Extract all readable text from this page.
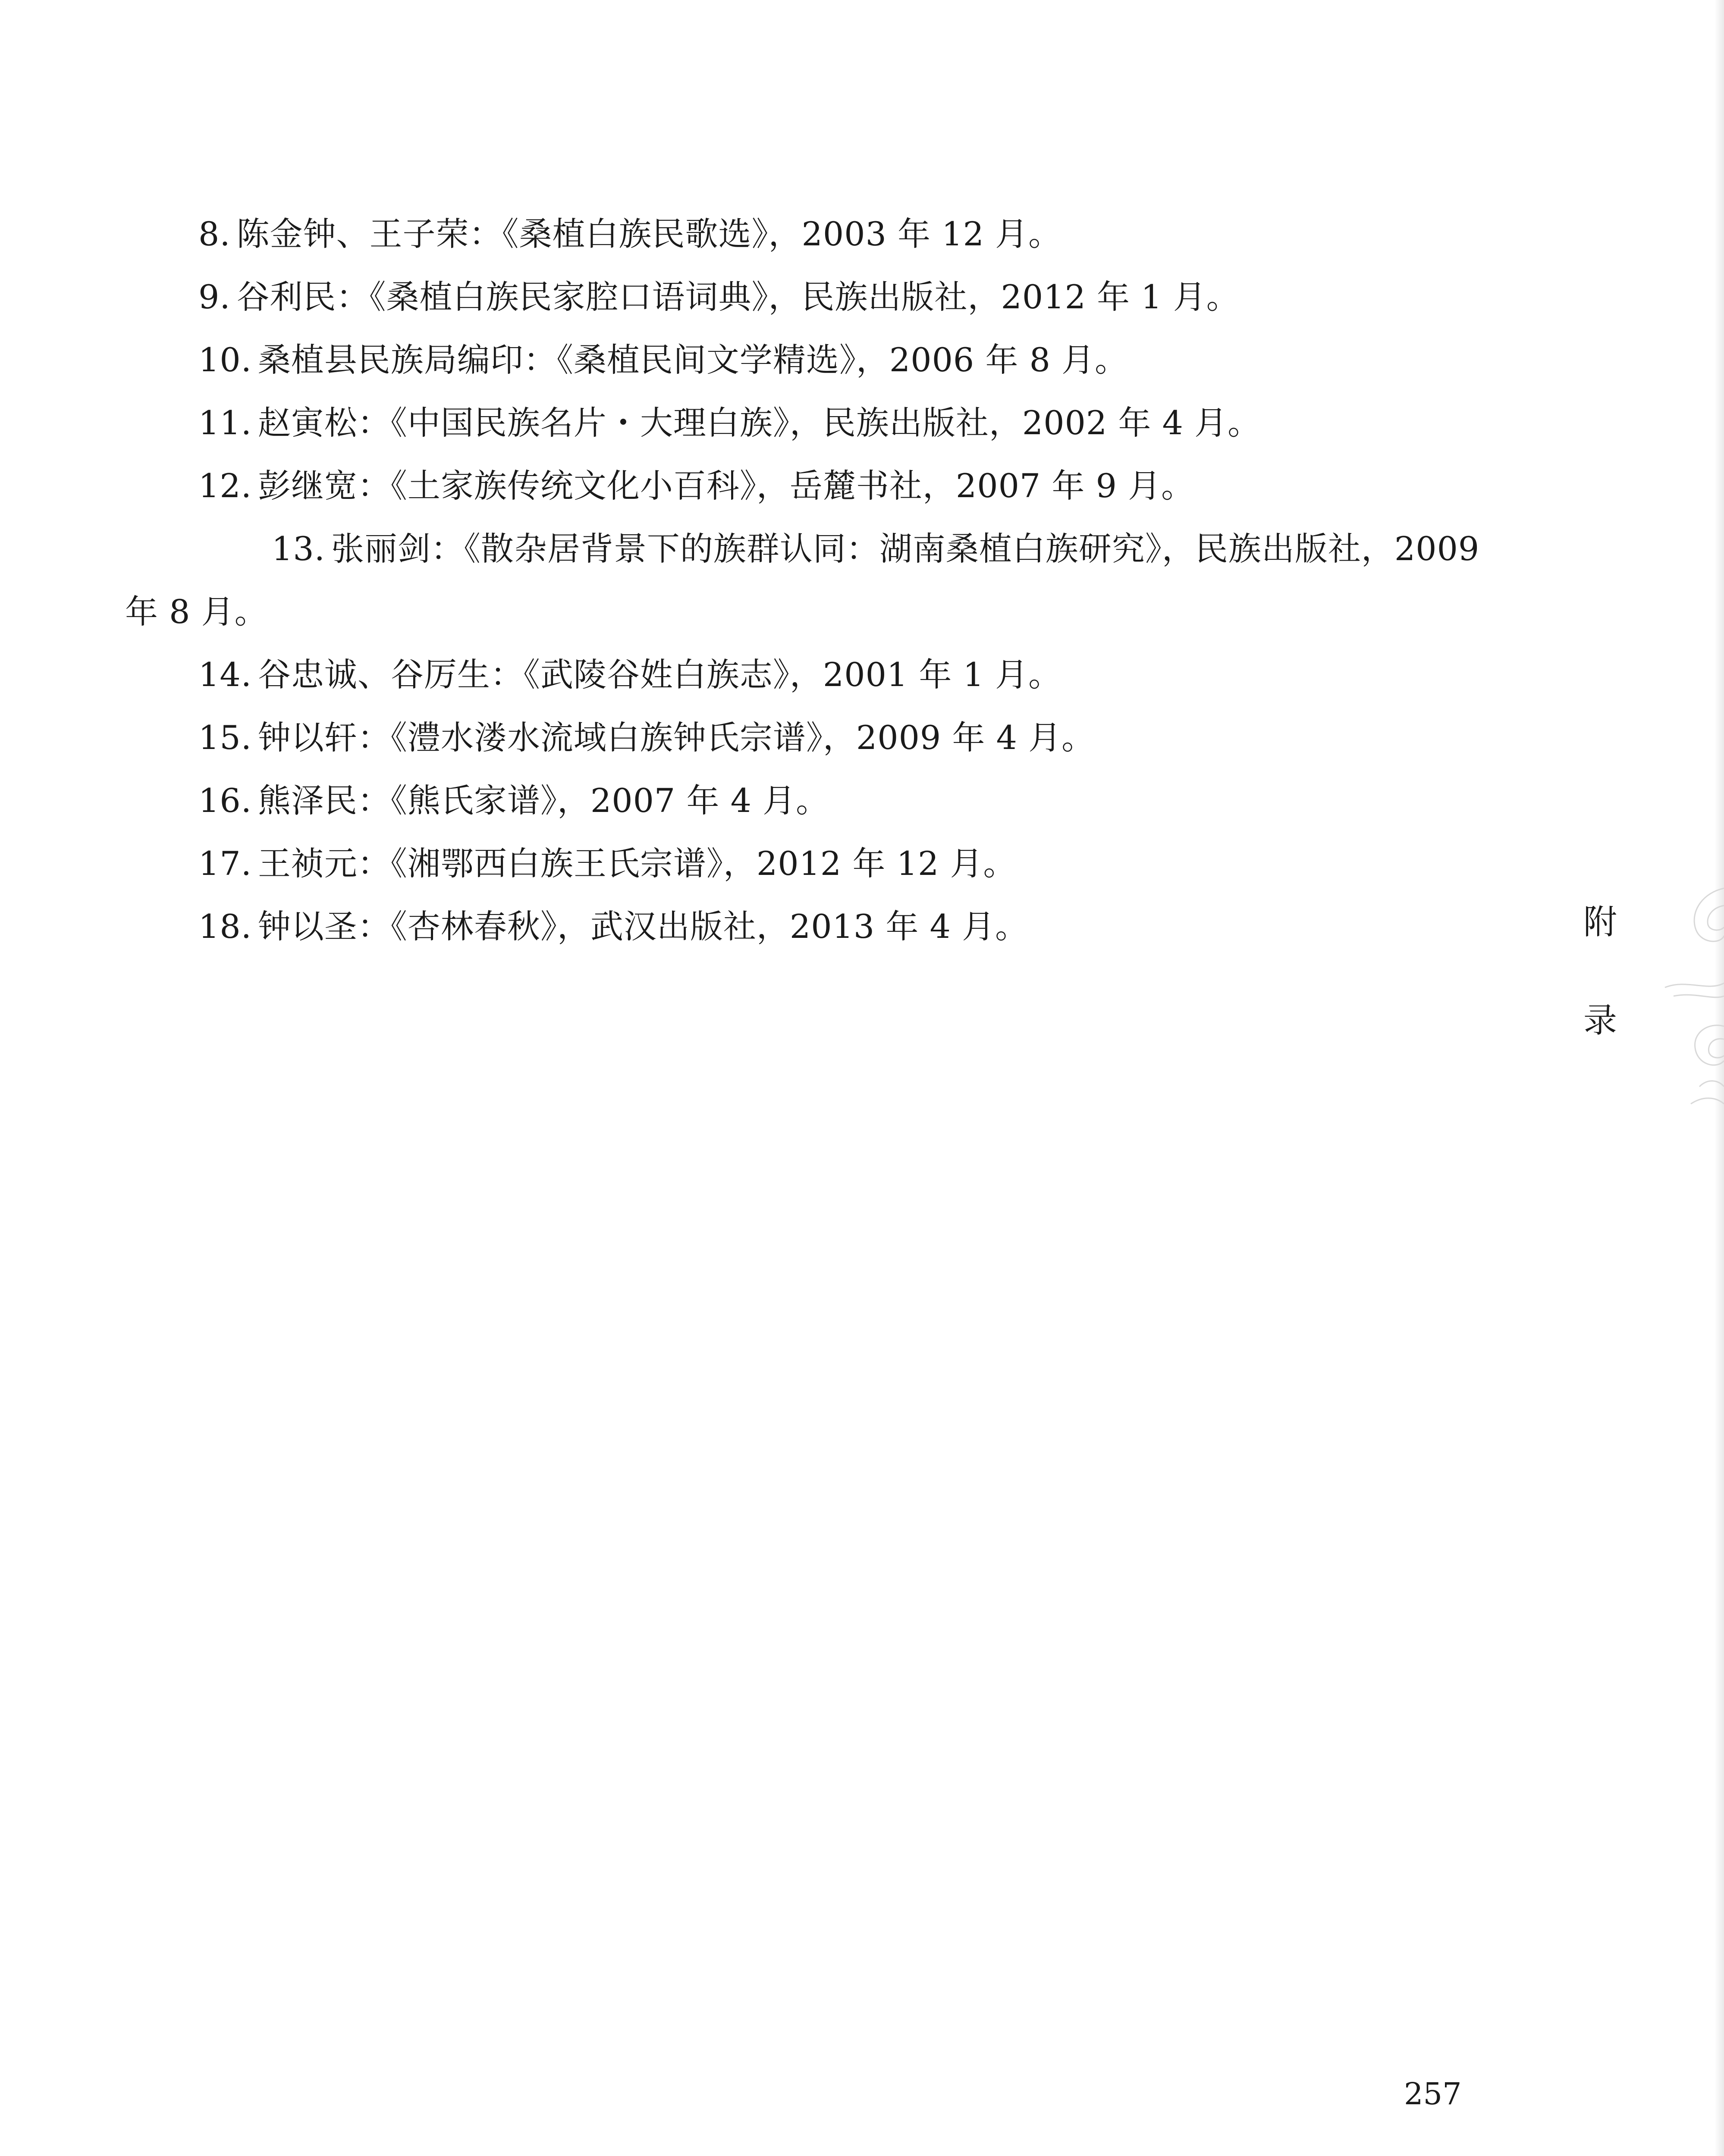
8. 陈金钟、王子荣：《桑植白族民歌选》，2003 年 12 月。
9. 谷利民：《桑植白族民家腔口语词典》，民族出版社，2012 年 1 月。
10. 桑植县民族局编印：《桑植民间文学精选》，2006 年 8 月。
11. 赵寅松：《中国民族名片・大理白族》，民族出版社，2002 年 4 月。
12. 彭继宽：《土家族传统文化小百科》，岳麓书社，2007 年 9 月。
13. 张丽剑：《散杂居背景下的族群认同：湖南桑植白族研究》，民族出版社，2009 年 8 月。
14. 谷忠诚、谷厉生：《武陵谷姓白族志》，2001 年 1 月。
15. 钟以轩：《澧水溇水流域白族钟氏宗谱》，2009 年 4 月。
16. 熊泽民：《熊氏家谱》，2007 年 4 月。
17. 王祯元：《湘鄂西白族王氏宗谱》，2012 年 12 月。
18. 钟以圣：《杏林春秋》，武汉出版社，2013 年 4 月。	附
录
257
